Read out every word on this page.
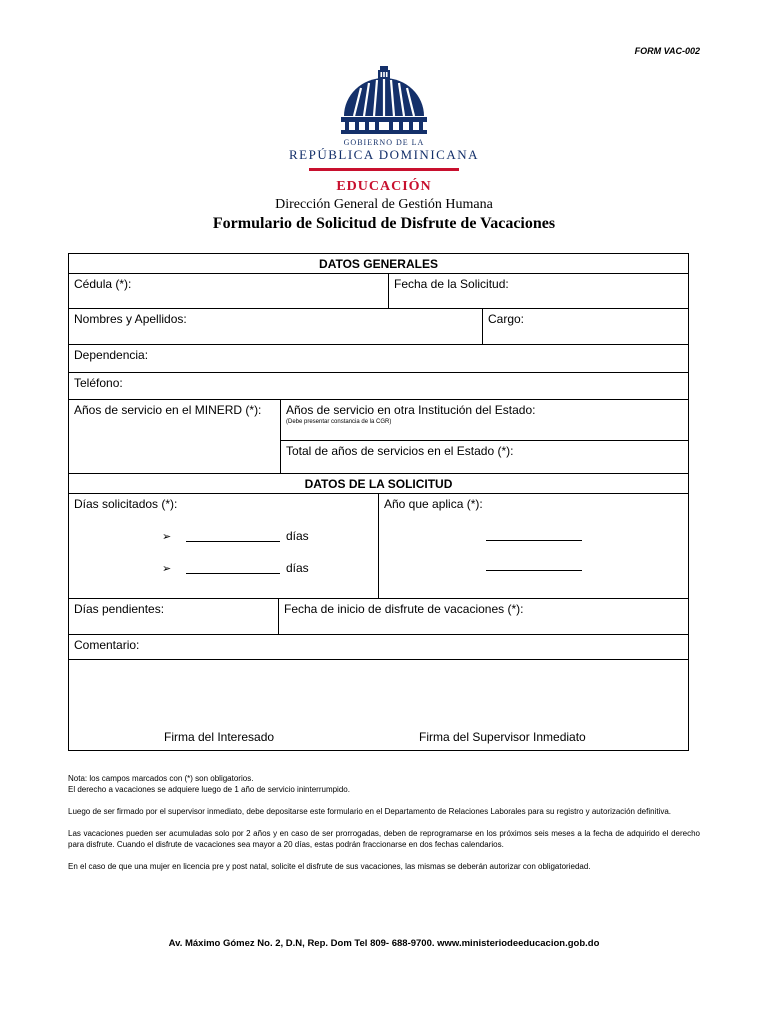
FORM VAC-002
GOBIERNO DE LA
REPÚBLICA DOMINICANA
EDUCACIÓN
Dirección General de Gestión Humana
Formulario de Solicitud de Disfrute de Vacaciones
DATOS GENERALES
Cédula (*):	Fecha de la Solicitud:
Nombres y Apellidos:	Cargo:
Dependencia:
Teléfono:
Años de servicio en el MINERD (*):	Años de servicio en otra Institución del Estado:
(Debe presentar constancia de la CGR)
Total de años de servicios en el Estado (*):
DATOS DE LA SOLICITUD
Días solicitados (*):
➢	días
➢	días
Año que aplica (*):
Días pendientes:	Fecha de inicio de disfrute de vacaciones (*):
Comentario:
Firma del Interesado	Firma del Supervisor Inmediato

Nota: los campos marcados con (*) son obligatorios.

El derecho a vacaciones se adquiere luego de 1 año de servicio ininterrumpido.

Luego de ser firmado por el supervisor inmediato, debe depositarse este formulario en el Departamento de Relaciones Laborales para su registro y autorización definitiva.

Las vacaciones pueden ser acumuladas solo por 2 años y en caso de ser prorrogadas, deben de reprogramarse en los próximos seis meses a la fecha de adquirido el derecho para disfrute. Cuando el disfrute de vacaciones sea mayor a 20 días, estas podrán fraccionarse en dos fechas calendarios.

En el caso de que una mujer en licencia pre y post natal, solicite el disfrute de sus vacaciones, las mismas se deberán autorizar con obligatoriedad.

Av. Máximo Gómez No. 2, D.N, Rep. Dom Tel 809- 688-9700. www.ministeriodeeducacion.gob.do
